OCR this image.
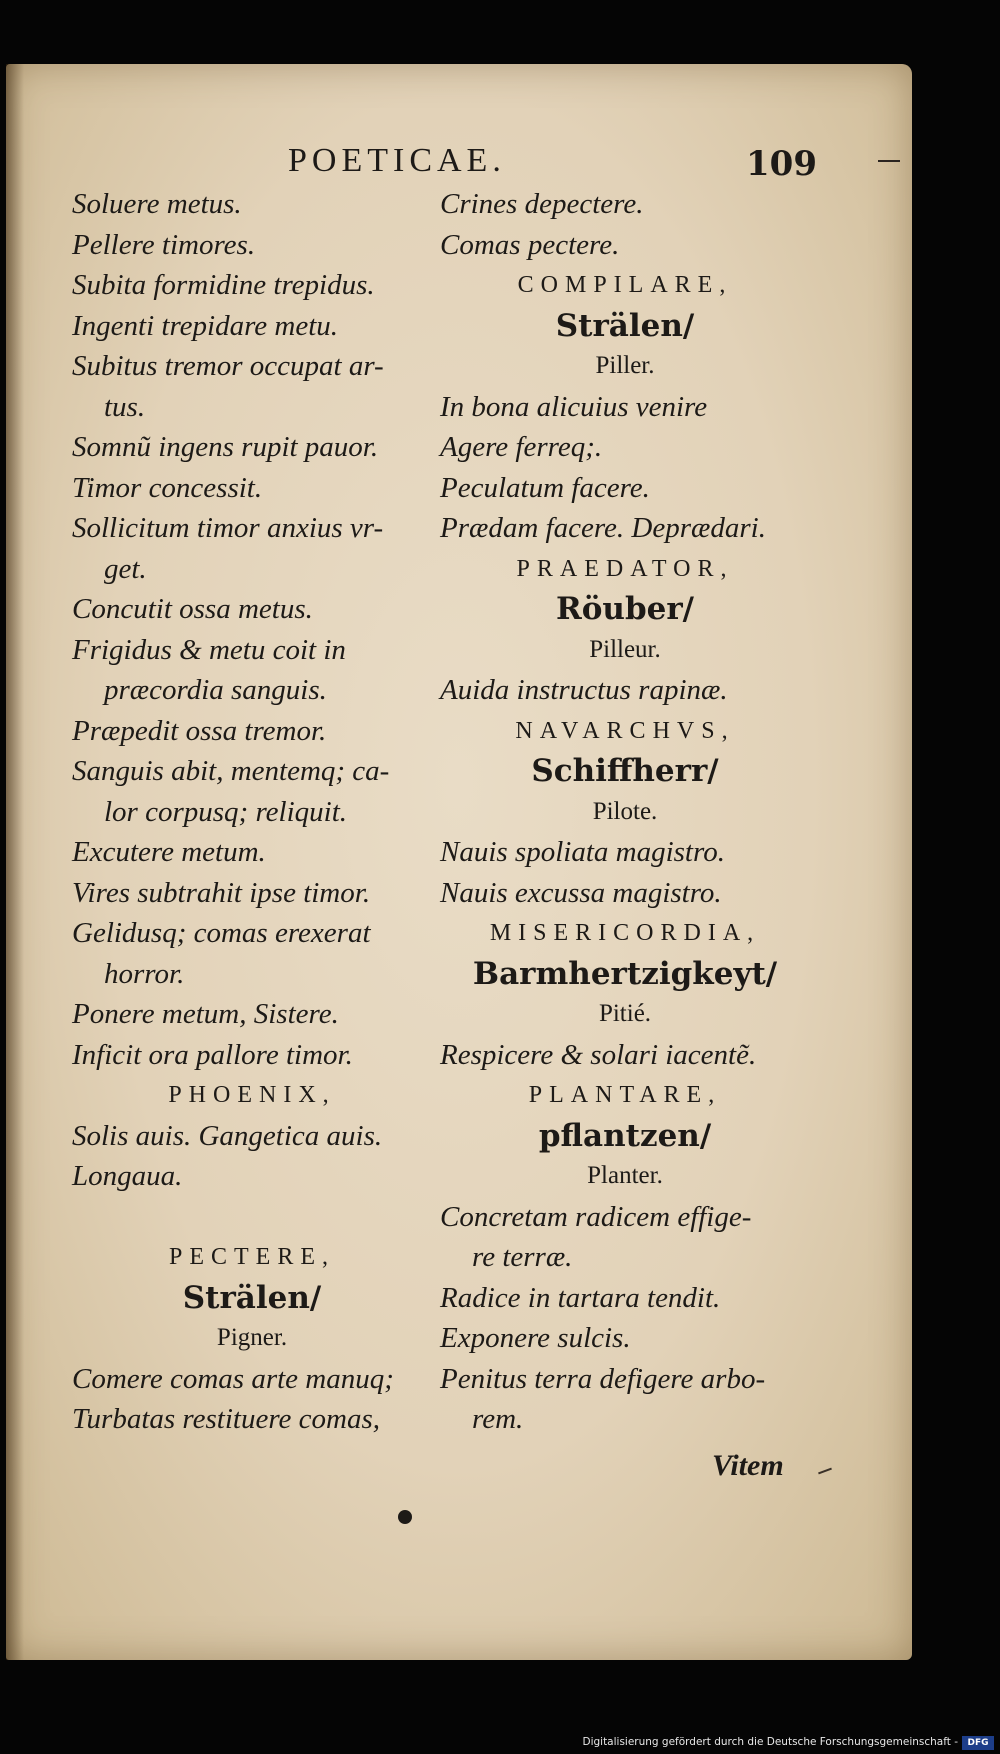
POETICAE.	109
Soluere metus.
Pellere timores.
Subita formidine trepidus.
Ingenti trepidare metu.
Subitus tremor occupat ar-
tus.
Somnũ ingens rupit pauor.
Timor concessit.
Sollicitum timor anxius vr-
get.
Concutit ossa metus.
Frigidus & metu coit in
præcordia sanguis.
Præpedit ossa tremor.
Sanguis abit, mentemq; ca-
lor corpusq; reliquit.
Excutere metum.
Vires subtrahit ipse timor.
Gelidusq; comas erexerat
horror.
Ponere metum, Sistere.
Inficit ora pallore timor.
PHOENIX,
Solis auis. Gangetica auis.
Longaua.
PECTERE,
Strälen/
Pigner.
Comere comas arte manuq;
Turbatas restituere comas,
Crines depectere.
Comas pectere.
COMPILARE,
Strälen/
Piller.
In bona alicuius venire
Agere ferreq;.
Peculatum facere.
Prædam facere. Deprædari.
PRAEDATOR,
Röuber/
Pilleur.
Auida instructus rapinæ.
NAVARCHVS,
Schiffherr/
Pilote.
Nauis spoliata magistro.
Nauis excussa magistro.
MISERICORDIA,
Barmhertzigkeyt/
Pitié.
Respicere & solari iacentẽ.
PLANTARE,
pflantzen/
Planter.
Concretam radicem effige-
re terræ.
Radice in tartara tendit.
Exponere sulcis.
Penitus terra defigere arbo-
rem.
Vitem
Digitalisierung gefördert durch die Deutsche Forschungsgemeinschaft -	DFG
